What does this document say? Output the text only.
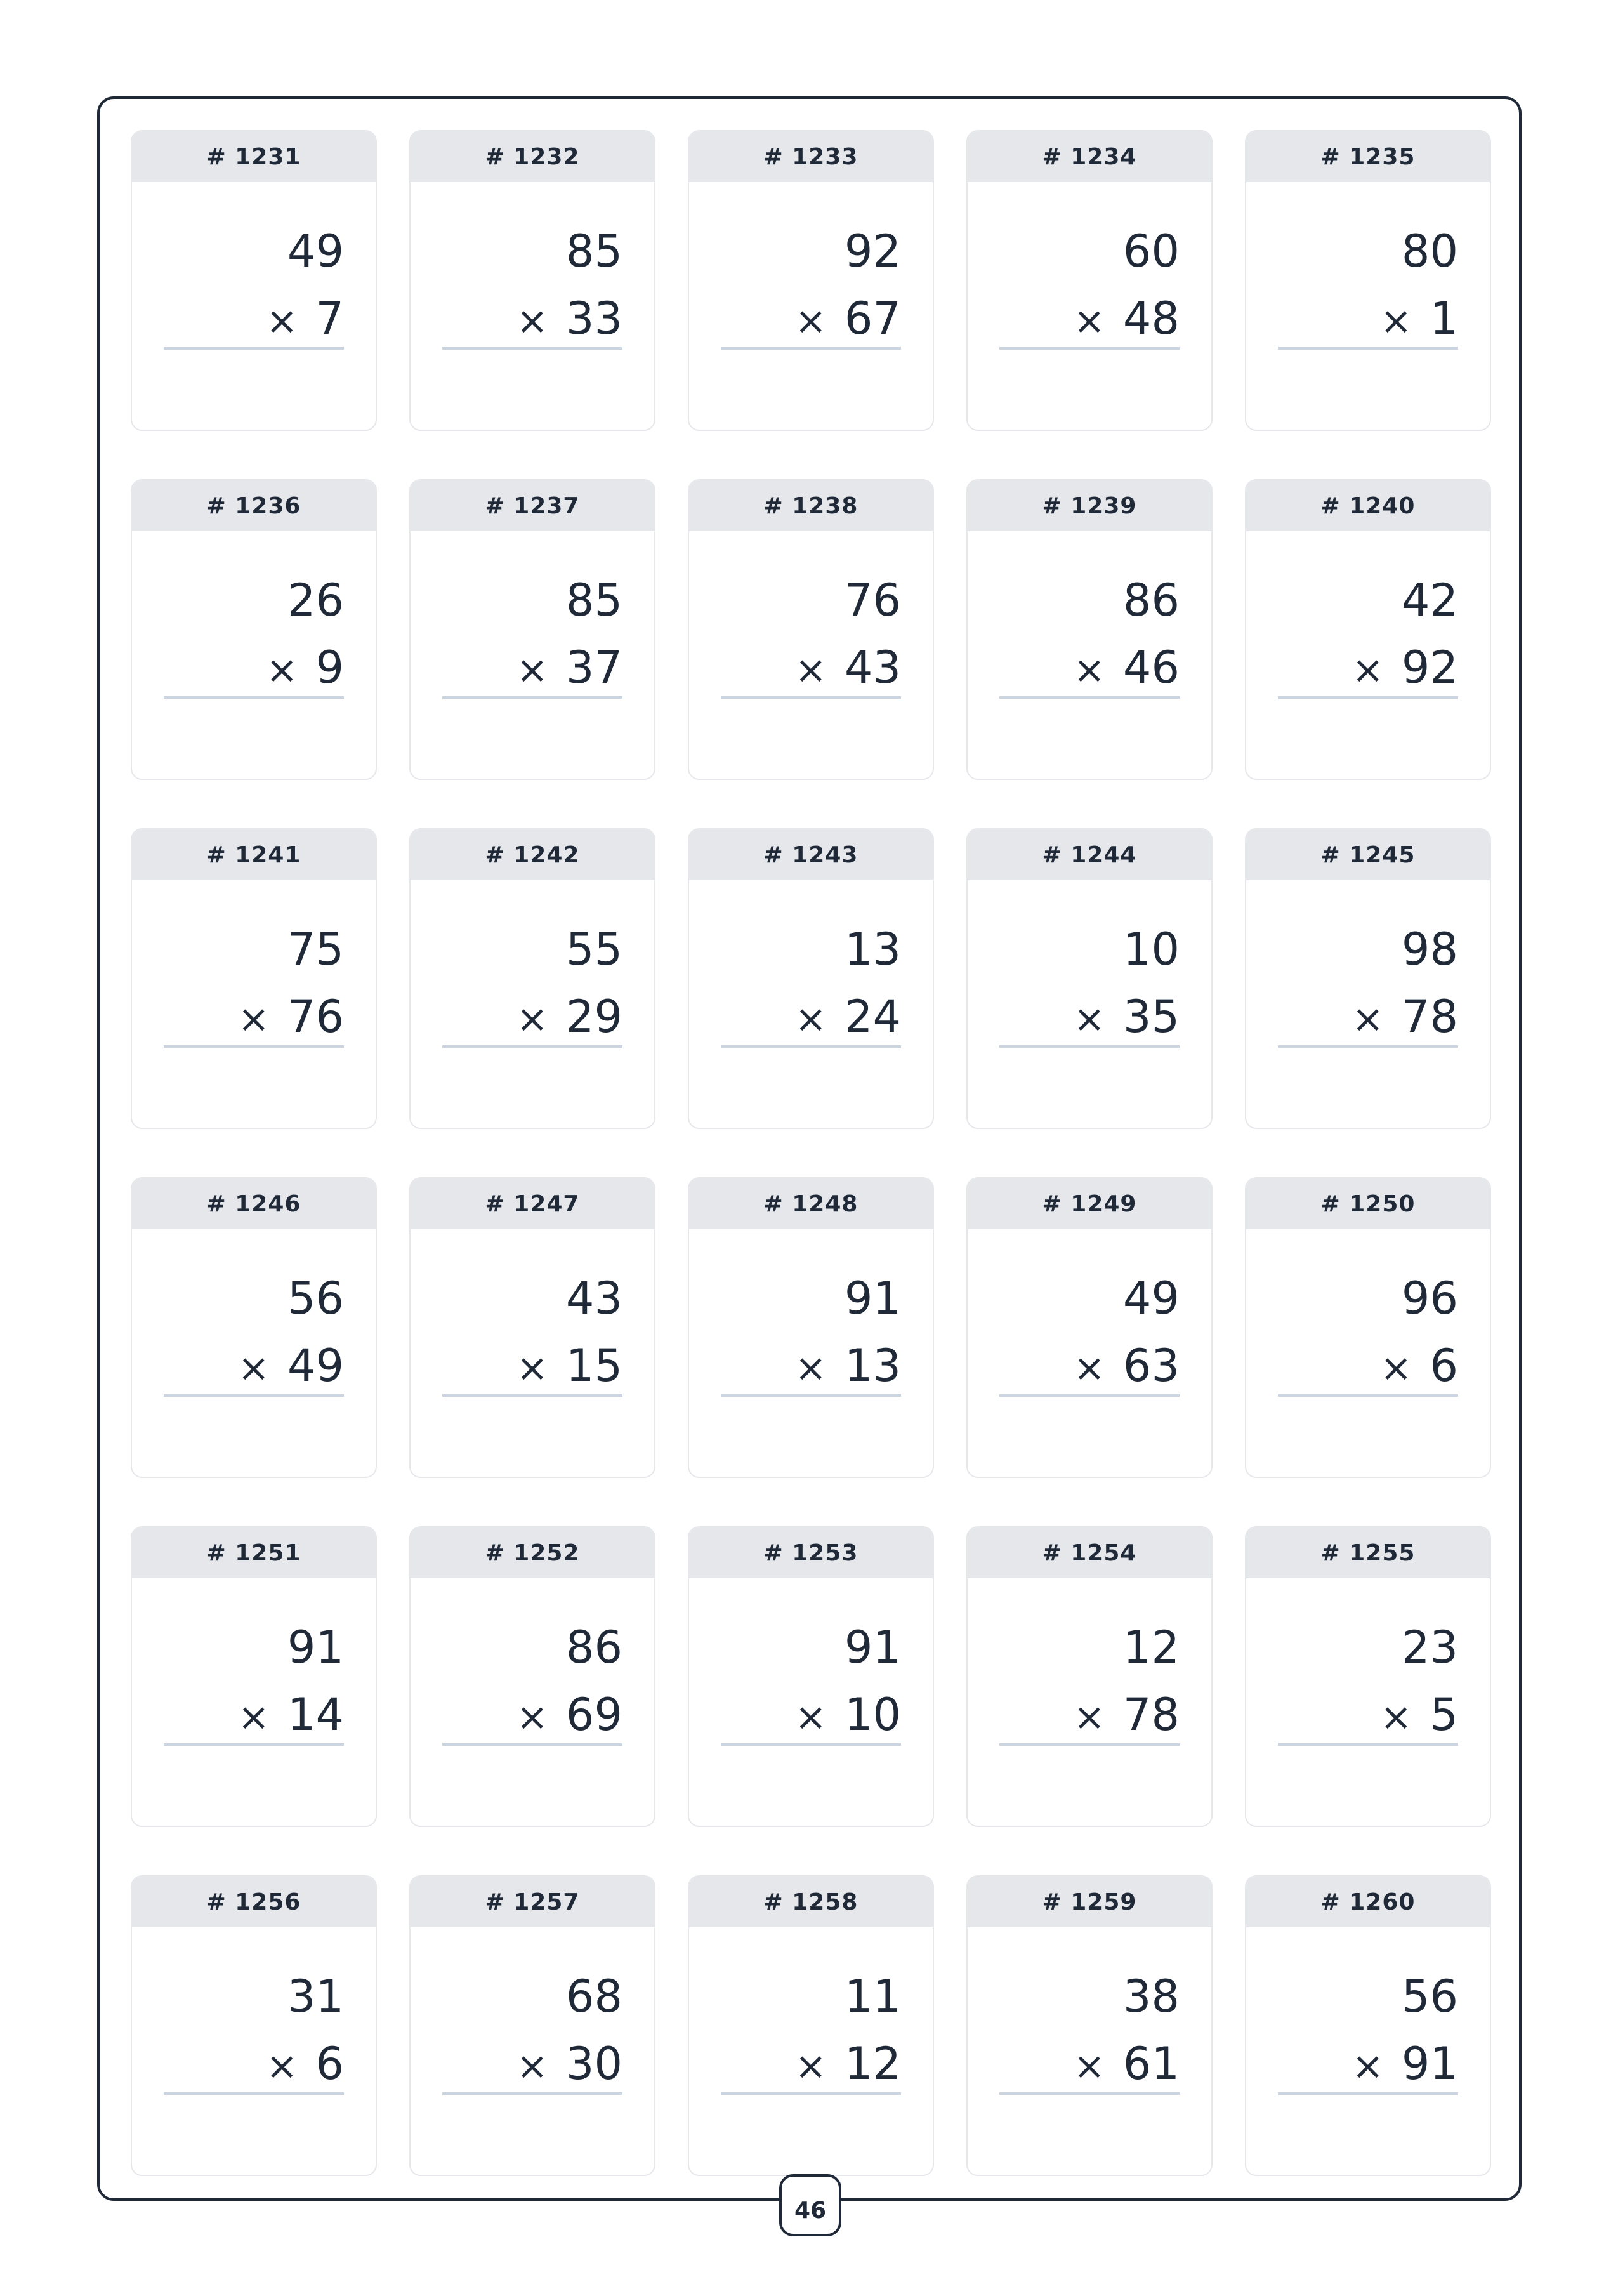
# 1231
49
× 7
# 1232
85
× 33
# 1233
92
× 67
# 1234
60
× 48
# 1235
80
× 1
# 1236
26
× 9
# 1237
85
× 37
# 1238
76
× 43
# 1239
86
× 46
# 1240
42
× 92
# 1241
75
× 76
# 1242
55
× 29
# 1243
13
× 24
# 1244
10
× 35
# 1245
98
× 78
# 1246
56
× 49
# 1247
43
× 15
# 1248
91
× 13
# 1249
49
× 63
# 1250
96
× 6
# 1251
91
× 14
# 1252
86
× 69
# 1253
91
× 10
# 1254
12
× 78
# 1255
23
× 5
# 1256
31
× 6
# 1257
68
× 30
# 1258
11
× 12
# 1259
38
× 61
# 1260
56
× 91
46
